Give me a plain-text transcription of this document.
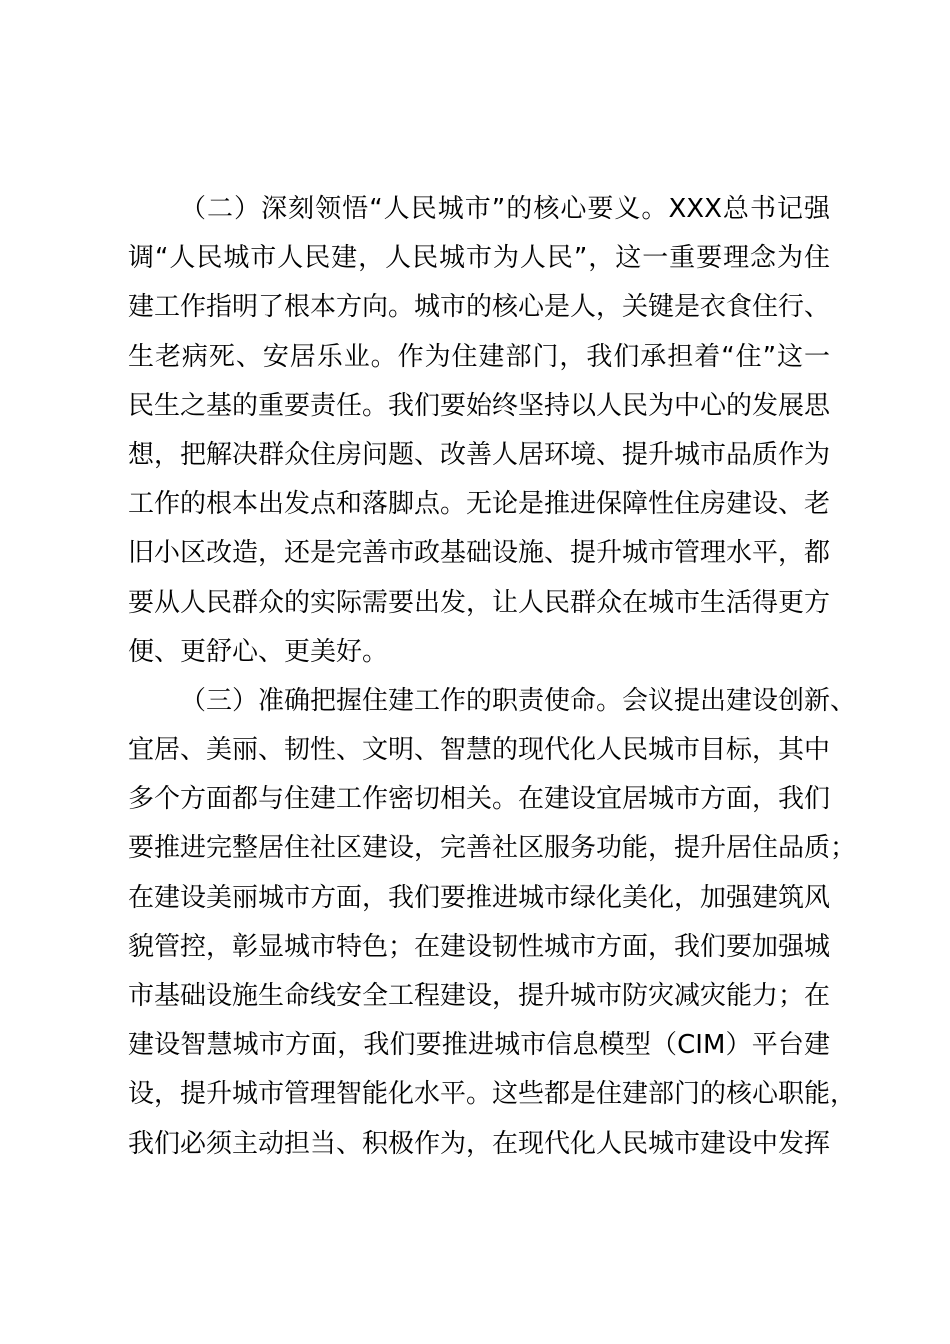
（二）深刻领悟“人民城市”的核心要义。XXX总书记强
调“人民城市人民建，人民城市为人民”，这一重要理念为住
建工作指明了根本方向。城市的核心是人，关键是衣食住行、
生老病死、安居乐业。作为住建部门，我们承担着“住”这一
民生之基的重要责任。我们要始终坚持以人民为中心的发展思
想，把解决群众住房问题、改善人居环境、提升城市品质作为
工作的根本出发点和落脚点。无论是推进保障性住房建设、老
旧小区改造，还是完善市政基础设施、提升城市管理水平，都
要从人民群众的实际需要出发，让人民群众在城市生活得更方
便、更舒心、更美好。
（三）准确把握住建工作的职责使命。会议提出建设创新、
宜居、美丽、韧性、文明、智慧的现代化人民城市目标，其中
多个方面都与住建工作密切相关。在建设宜居城市方面，我们
要推进完整居住社区建设，完善社区服务功能，提升居住品质；
在建设美丽城市方面，我们要推进城市绿化美化，加强建筑风
貌管控，彰显城市特色；在建设韧性城市方面，我们要加强城
市基础设施生命线安全工程建设，提升城市防灾减灾能力；在
建设智慧城市方面，我们要推进城市信息模型（CIM）平台建
设，提升城市管理智能化水平。这些都是住建部门的核心职能，
我们必须主动担当、积极作为，在现代化人民城市建设中发挥
